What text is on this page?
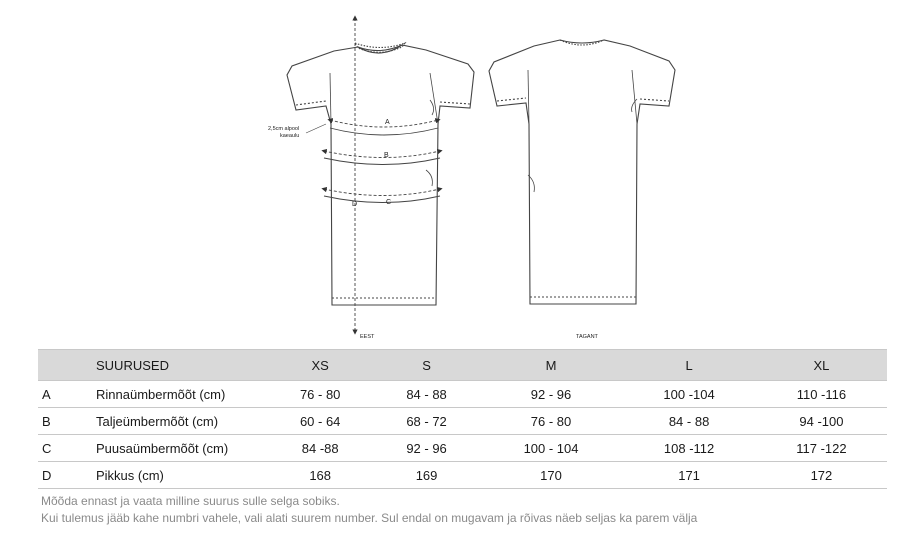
A
B
C
D
2,5cm alpool
kaeaulu
EEST	TAGANT
	SUURUSED	XS	S	M	L	XL
A	Rinnaümbermõõt (cm)	76 - 80	84 - 88	92 - 96	100 -104	110 -116
B	Taljeümbermõõt (cm)	60 - 64	68 - 72	76 - 80	84 - 88	94 -100
C	Puusaümbermõõt (cm)	84 -88	92 - 96	100 - 104	108 -112	117 -122
D	Pikkus (cm)	168	169	170	171	172
Mõõda ennast ja vaata milline suurus sulle selga sobiks.
Kui tulemus jääb kahe numbri vahele, vali alati suurem number. Sul endal on mugavam ja rõivas näeb seljas ka parem välja
